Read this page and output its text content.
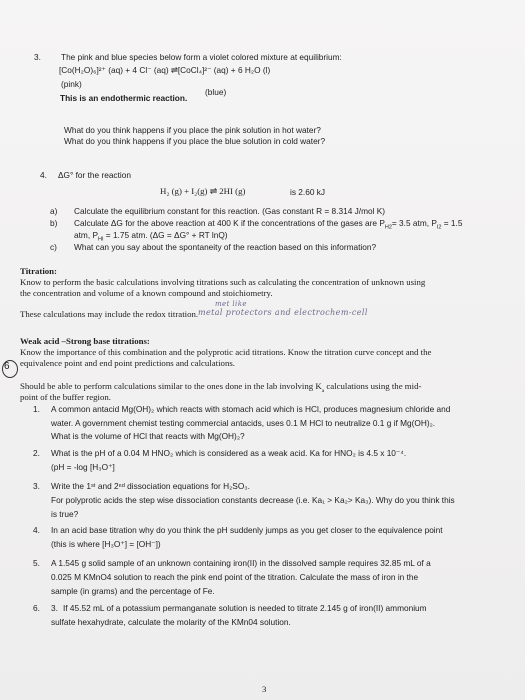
3. The pink and blue species below form a violet colored mixture at equilibrium:
[Co(H₂O)₆]²⁺ (aq) + 4 Cl⁻ (aq) ⇌[CoCl₄]²⁻ (aq) + 6 H₂O (l)
(pink)
(blue)
This is an endothermic reaction.
What do you think happens if you place the pink solution in hot water?
What do you think happens if you place the blue solution in cold water?
4. ΔG° for the reaction
H₂ (g) + I₂(g) ⇌ 2HI (g)	is 2.60 kJ
a) Calculate the equilibrium constant for this reaction. (Gas constant R = 8.314 J/mol K)
b) Calculate ΔG for the above reaction at 400 K if the concentrations of the gases are $P_{H2}= 3.5$ atm, $P_{I2} = 1.5$
atm, $P_{HI} = 1.75$ atm. (ΔG = ΔG° + RT lnQ)
c) What can you say about the spontaneity of the reaction based on this information?
Titration:
Know to perform the basic calculations involving titrations such as calculating the concentration of unknown using
the concentration and volume of a known compound and stoichiometry.
met like
These calculations may include the redox titration. metal protectors and electrochem-cell
6
Weak acid –Strong base titrations:
Know the importance of this combination and the polyprotic acid titrations. Know the titration curve concept and the
equivalence point and end point predictions and calculations.
Should be able to perform calculations similar to the ones done in the lab involving $K_a$ calculations using the mid-
point of the buffer region.
1. A common antacid Mg(OH)₂ which reacts with stomach acid which is HCl, produces magnesium chloride and
water. A government chemist testing commercial antacids, uses 0.1 M HCl to neutralize 0.1 g if Mg(OH)₂.
What is the volume of HCl that reacts with Mg(OH)₂?
2. What is the pH of a 0.04 M HNO₂ which is considered as a weak acid. Ka for HNO₂ is 4.5 x 10⁻⁴.
(pH = -log [H₃O⁺]
3. Write the 1ˢᵗ and 2ⁿᵈ dissociation equations for H₂SO₃.
For polyprotic acids the step wise dissociation constants decrease (i.e. Ka₁ > Ka₂> Ka₃). Why do you think this
is true?
4. In an acid base titration why do you think the pH suddenly jumps as you get closer to the equivalence point
(this is where [H₃O⁺] = [OH⁻])
5. A 1.545 g solid sample of an unknown containing iron(II) in the dissolved sample requires 32.85 mL of a
0.025 M KMnO4 solution to reach the pink end point of the titration. Calculate the mass of iron in the
sample (in grams) and the percentage of Fe.
6. 3. If 45.52 mL of a potassium permanganate solution is needed to titrate 2.145 g of iron(II) ammonium
sulfate hexahydrate, calculate the molarity of the KMn04 solution.
3
